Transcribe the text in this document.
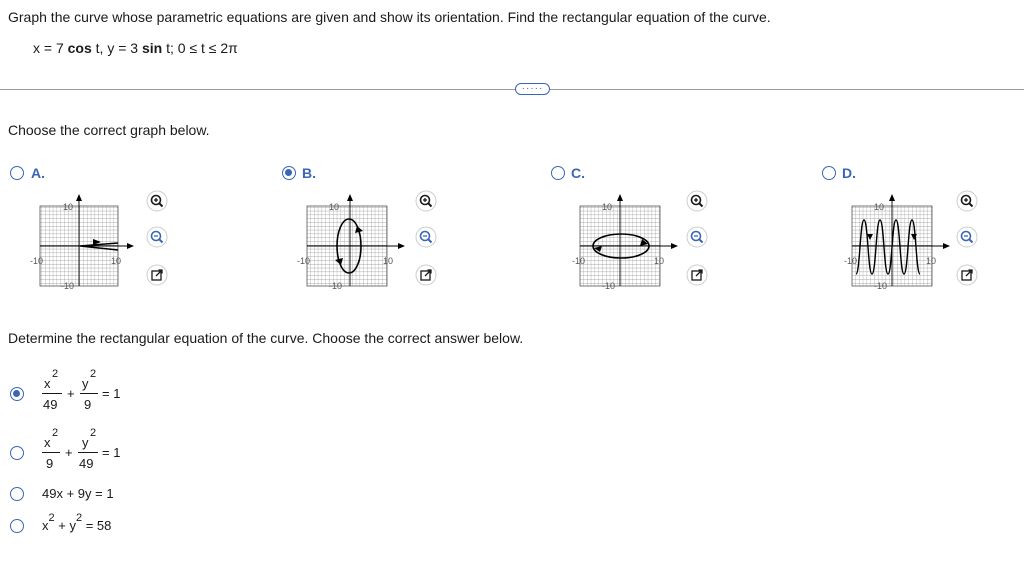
Graph the curve whose parametric equations are given and show its orientation. Find the rectangular equation of the curve.
x = 7 cos t, y = 3 sin t; 0 ≤ t ≤ 2π
·····
Choose the correct graph below.
A.
10
-10
-10	10
B.
10
-10
-10	10
C.
10
-10
-10	10
D.
10
-10
-10	10
Determine the rectangular equation of the curve. Choose the correct answer below.
x
2
49
+
y
2
9
= 1
x
2
9
+
y
2
49
= 1
49x + 9y = 1
x2 + y2 = 58
